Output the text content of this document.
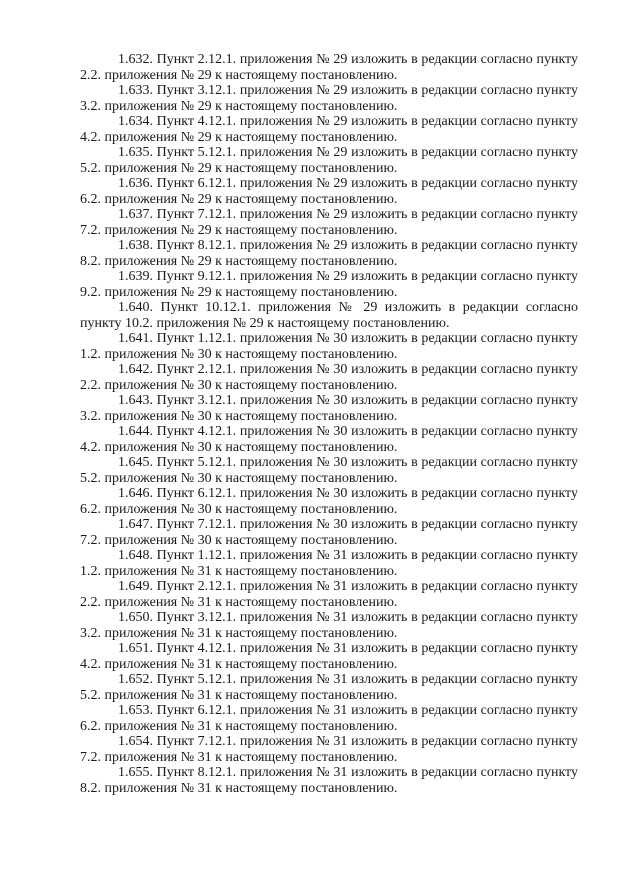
1.632. Пункт 2.12.1. приложения № 29 изложить в редакции согласно пункту 2.2. приложения № 29 к настоящему постановлению.

1.633. Пункт 3.12.1. приложения № 29 изложить в редакции согласно пункту 3.2. приложения № 29 к настоящему постановлению.

1.634. Пункт 4.12.1. приложения № 29 изложить в редакции согласно пункту 4.2. приложения № 29 к настоящему постановлению.

1.635. Пункт 5.12.1. приложения № 29 изложить в редакции согласно пункту 5.2. приложения № 29 к настоящему постановлению.

1.636. Пункт 6.12.1. приложения № 29 изложить в редакции согласно пункту 6.2. приложения № 29 к настоящему постановлению.

1.637. Пункт 7.12.1. приложения № 29 изложить в редакции согласно пункту 7.2. приложения № 29 к настоящему постановлению.

1.638. Пункт 8.12.1. приложения № 29 изложить в редакции согласно пункту 8.2. приложения № 29 к настоящему постановлению.

1.639. Пункт 9.12.1. приложения № 29 изложить в редакции согласно пункту 9.2. приложения № 29 к настоящему постановлению.

1.640. Пункт 10.12.1. приложения № 29 изложить в редакции согласно пункту 10.2. приложения № 29 к настоящему постановлению.

1.641. Пункт 1.12.1. приложения № 30 изложить в редакции согласно пункту 1.2. приложения № 30 к настоящему постановлению.

1.642. Пункт 2.12.1. приложения № 30 изложить в редакции согласно пункту 2.2. приложения № 30 к настоящему постановлению.

1.643. Пункт 3.12.1. приложения № 30 изложить в редакции согласно пункту 3.2. приложения № 30 к настоящему постановлению.

1.644. Пункт 4.12.1. приложения № 30 изложить в редакции согласно пункту 4.2. приложения № 30 к настоящему постановлению.

1.645. Пункт 5.12.1. приложения № 30 изложить в редакции согласно пункту 5.2. приложения № 30 к настоящему постановлению.

1.646. Пункт 6.12.1. приложения № 30 изложить в редакции согласно пункту 6.2. приложения № 30 к настоящему постановлению.

1.647. Пункт 7.12.1. приложения № 30 изложить в редакции согласно пункту 7.2. приложения № 30 к настоящему постановлению.

1.648. Пункт 1.12.1. приложения № 31 изложить в редакции согласно пункту 1.2. приложения № 31 к настоящему постановлению.

1.649. Пункт 2.12.1. приложения № 31 изложить в редакции согласно пункту 2.2. приложения № 31 к настоящему постановлению.

1.650. Пункт 3.12.1. приложения № 31 изложить в редакции согласно пункту 3.2. приложения № 31 к настоящему постановлению.

1.651. Пункт 4.12.1. приложения № 31 изложить в редакции согласно пункту 4.2. приложения № 31 к настоящему постановлению.

1.652. Пункт 5.12.1. приложения № 31 изложить в редакции согласно пункту 5.2. приложения № 31 к настоящему постановлению.

1.653. Пункт 6.12.1. приложения № 31 изложить в редакции согласно пункту 6.2. приложения № 31 к настоящему постановлению.

1.654. Пункт 7.12.1. приложения № 31 изложить в редакции согласно пункту 7.2. приложения № 31 к настоящему постановлению.

1.655. Пункт 8.12.1. приложения № 31 изложить в редакции согласно пункту 8.2. приложения № 31 к настоящему постановлению.
